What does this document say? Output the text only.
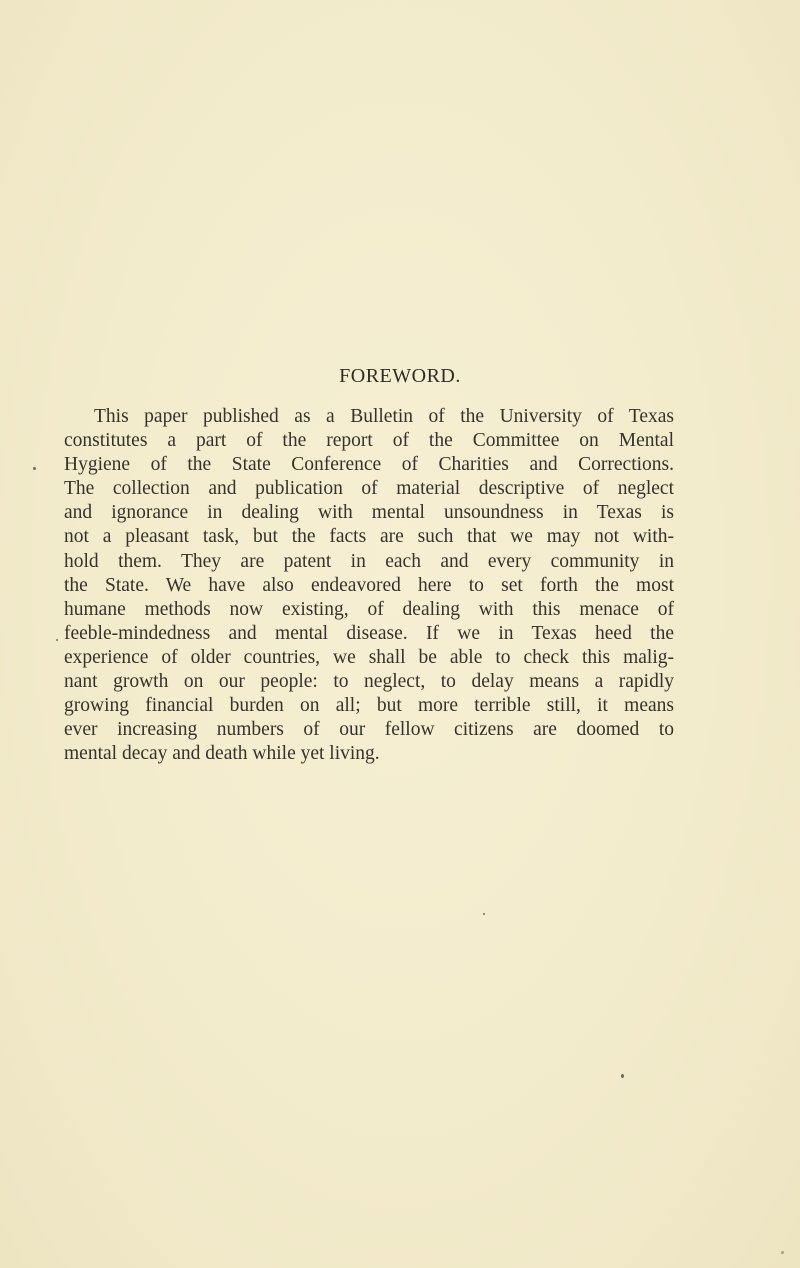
FOREWORD.
This paper published as a Bulletin of the University of Texas
constitutes a part of the report of the Committee on Mental
Hygiene of the State Conference of Charities and Corrections.
The collection and publication of material descriptive of neglect
and ignorance in dealing with mental unsoundness in Texas is
not a pleasant task, but the facts are such that we may not with-
hold them. They are patent in each and every community in
the State. We have also endeavored here to set forth the most
humane methods now existing, of dealing with this menace of
feeble-mindedness and mental disease. If we in Texas heed the
experience of older countries, we shall be able to check this malig-
nant growth on our people: to neglect, to delay means a rapidly
growing financial burden on all; but more terrible still, it means
ever increasing numbers of our fellow citizens are doomed to
mental decay and death while yet living.
